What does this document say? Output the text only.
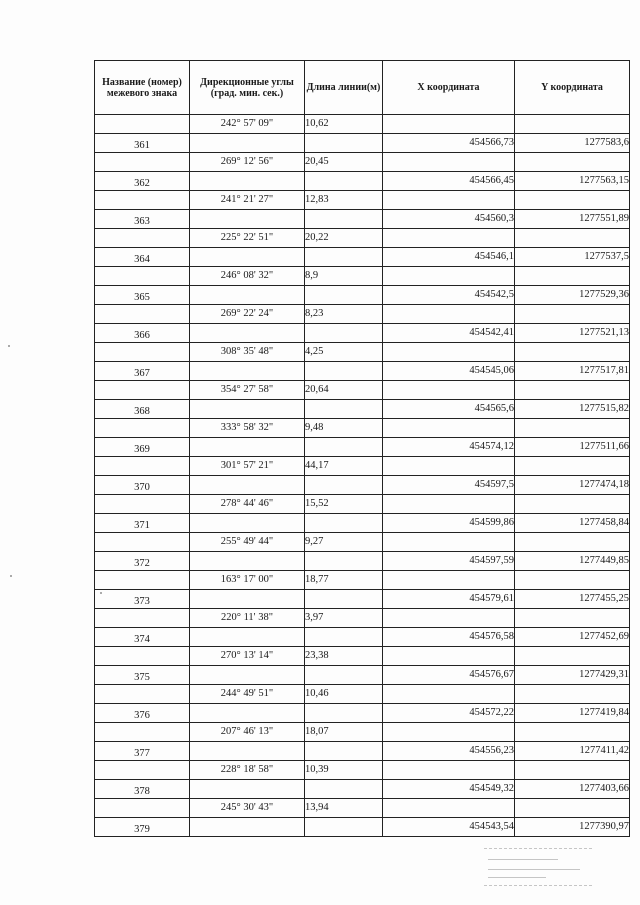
Название (номер) межевого знака	Дирекционные углы (град. мин. сек.)	Длина линии(м)	X координата	Y координата
	242° 57' 09"	10,62		
361			454566,73	1277583,6
	269° 12' 56"	20,45		
362			454566,45	1277563,15
	241° 21' 27"	12,83		
363			454560,3	1277551,89
	225° 22' 51"	20,22		
364			454546,1	1277537,5
	246° 08' 32"	8,9		
365			454542,5	1277529,36
	269° 22' 24"	8,23		
366			454542,41	1277521,13
	308° 35' 48"	4,25		
367			454545,06	1277517,81
	354° 27' 58"	20,64		
368			454565,6	1277515,82
	333° 58' 32"	9,48		
369			454574,12	1277511,66
	301° 57' 21"	44,17		
370			454597,5	1277474,18
	278° 44' 46"	15,52		
371			454599,86	1277458,84
	255° 49' 44"	9,27		
372			454597,59	1277449,85
	163° 17' 00"	18,77		
373			454579,61	1277455,25
	220° 11' 38"	3,97		
374			454576,58	1277452,69
	270° 13' 14"	23,38		
375			454576,67	1277429,31
	244° 49' 51"	10,46		
376			454572,22	1277419,84
	207° 46' 13"	18,07		
377			454556,23	1277411,42
	228° 18' 58"	10,39		
378			454549,32	1277403,66
	245° 30' 43"	13,94		
379			454543,54	1277390,97
